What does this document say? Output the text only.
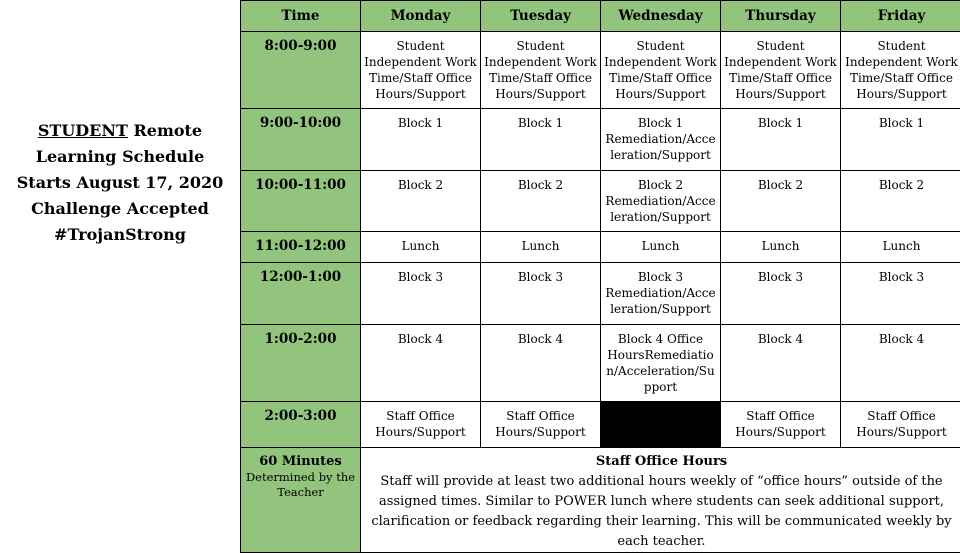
STUDENT Remote
Learning Schedule
Starts August 17, 2020
Challenge Accepted
#TrojanStrong
Time	Monday	Tuesday	Wednesday	Thursday	Friday
8:00-9:00	Student Independent Work Time/Staff Office Hours/Support	Student Independent Work Time/Staff Office Hours/Support	Student Independent Work Time/Staff Office Hours/Support	Student Independent Work Time/Staff Office Hours/Support	Student Independent Work Time/Staff Office Hours/Support
9:00-10:00	Block 1	Block 1	Block 1 Remediation/Acceleration/Support	Block 1	Block 1
10:00-11:00	Block 2	Block 2	Block 2 Remediation/Acceleration/Support	Block 2	Block 2
11:00-12:00	Lunch	Lunch	Lunch	Lunch	Lunch
12:00-1:00	Block 3	Block 3	Block 3 Remediation/Acceleration/Support	Block 3	Block 3
1:00-2:00	Block 4	Block 4	Block 4 Office HoursRemediation/Acceleration/Support	Block 4	Block 4
2:00-3:00	Staff Office Hours/Support	Staff Office Hours/Support		Staff Office Hours/Support	Staff Office Hours/Support
60 Minutes
Determined by the Teacher	Staff Office Hours
Staff will provide at least two additional hours weekly of “office hours” outside of the assigned times. Similar to POWER lunch where students can seek additional support, clarification or feedback regarding their learning. This will be communicated weekly by each teacher.				
